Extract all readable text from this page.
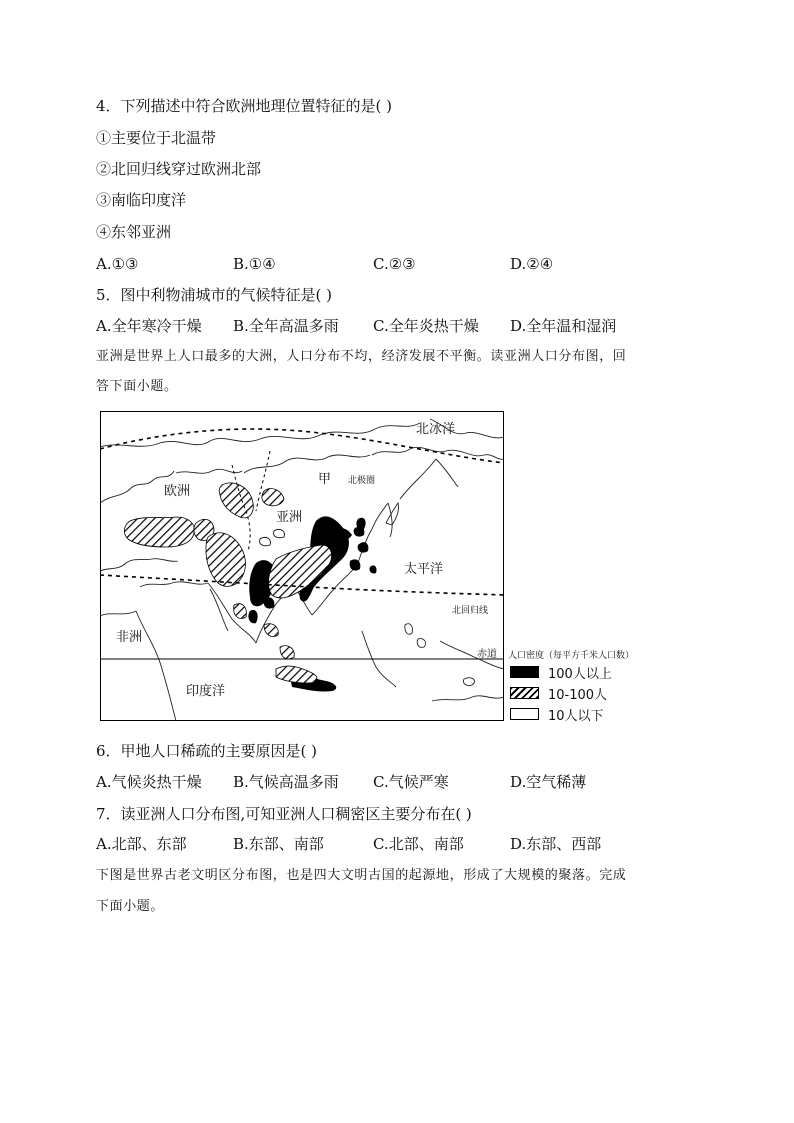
4．下列描述中符合欧洲地理位置特征的是( )
①主要位于北温带
②北回归线穿过欧洲北部
③南临印度洋
④东邻亚洲
A.①③	B.①④	C.②③	D.②④
5．图中利物浦城市的气候特征是( )
A.全年寒冷干燥 B.全年高温多雨 C.全年炎热干燥 D.全年温和湿润
亚洲是世界上人口最多的大洲，人口分布不均，经济发展不平衡。读亚洲人口分布图，回
答下面小题。
北冰洋
甲 北极圈
欧洲
亚洲
太平洋
北回归线
非洲
赤道
印度洋
人口密度（每平方千米人口数）
100人以上
10-100人
10人以下
6．甲地人口稀疏的主要原因是( )
A.气候炎热干燥 B.气候高温多雨 C.气候严寒	D.空气稀薄
7．读亚洲人口分布图,可知亚洲人口稠密区主要分布在( )
A.北部、东部	B.东部、南部	C.北部、南部	D.东部、西部
下图是世界古老文明区分布图，也是四大文明古国的起源地，形成了大规模的聚落。完成
下面小题。
